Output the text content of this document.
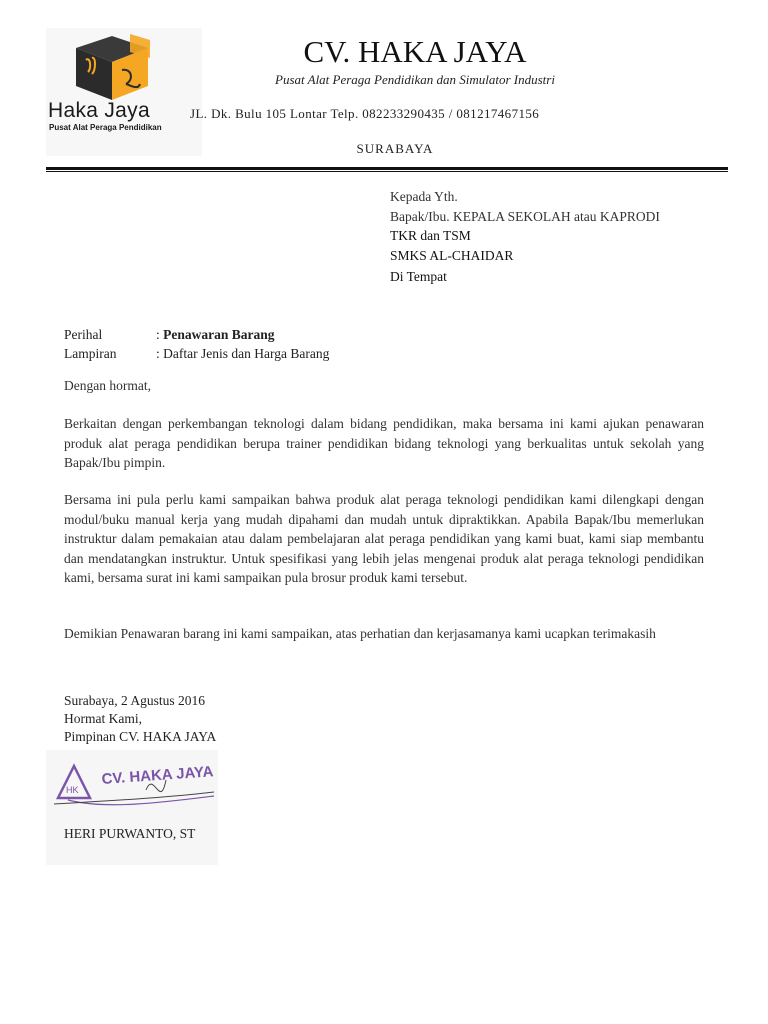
Haka Jaya
Pusat Alat Peraga Pendidikan
CV. HAKA JAYA
Pusat Alat Peraga Pendidikan dan Simulator Industri
JL. Dk. Bulu 105 Lontar Telp. 082233290435 / 081217467156
SURABAYA
Kepada Yth.
Bapak/Ibu. KEPALA SEKOLAH atau KAPRODI
TKR dan TSM
SMKS AL-CHAIDAR
Di Tempat
Perihal	: Penawaran Barang
Lampiran	: Daftar Jenis dan Harga Barang
Dengan hormat,
Berkaitan dengan perkembangan teknologi dalam bidang pendidikan, maka bersama ini kami ajukan penawaran produk alat peraga pendidikan berupa trainer pendidikan bidang teknologi yang berkualitas untuk sekolah yang Bapak/Ibu pimpin.
Bersama ini pula perlu kami sampaikan bahwa produk alat peraga teknologi pendidikan kami dilengkapi dengan modul/buku manual kerja yang mudah dipahami dan mudah untuk dipraktikkan. Apabila Bapak/Ibu memerlukan instruktur dalam pemakaian atau dalam pembelajaran alat peraga pendidikan yang kami buat, kami siap membantu dan mendatangkan instruktur. Untuk spesifikasi yang lebih jelas mengenai produk alat peraga teknologi pendidikan kami, bersama surat ini kami sampaikan pula brosur produk kami tersebut.
Demikian Penawaran barang ini kami sampaikan, atas perhatian dan kerjasamanya kami ucapkan terimakasih
Surabaya, 2 Agustus 2016
Hormat Kami,
Pimpinan CV. HAKA JAYA
HK
CV. HAKA JAYA
HERI PURWANTO, ST
